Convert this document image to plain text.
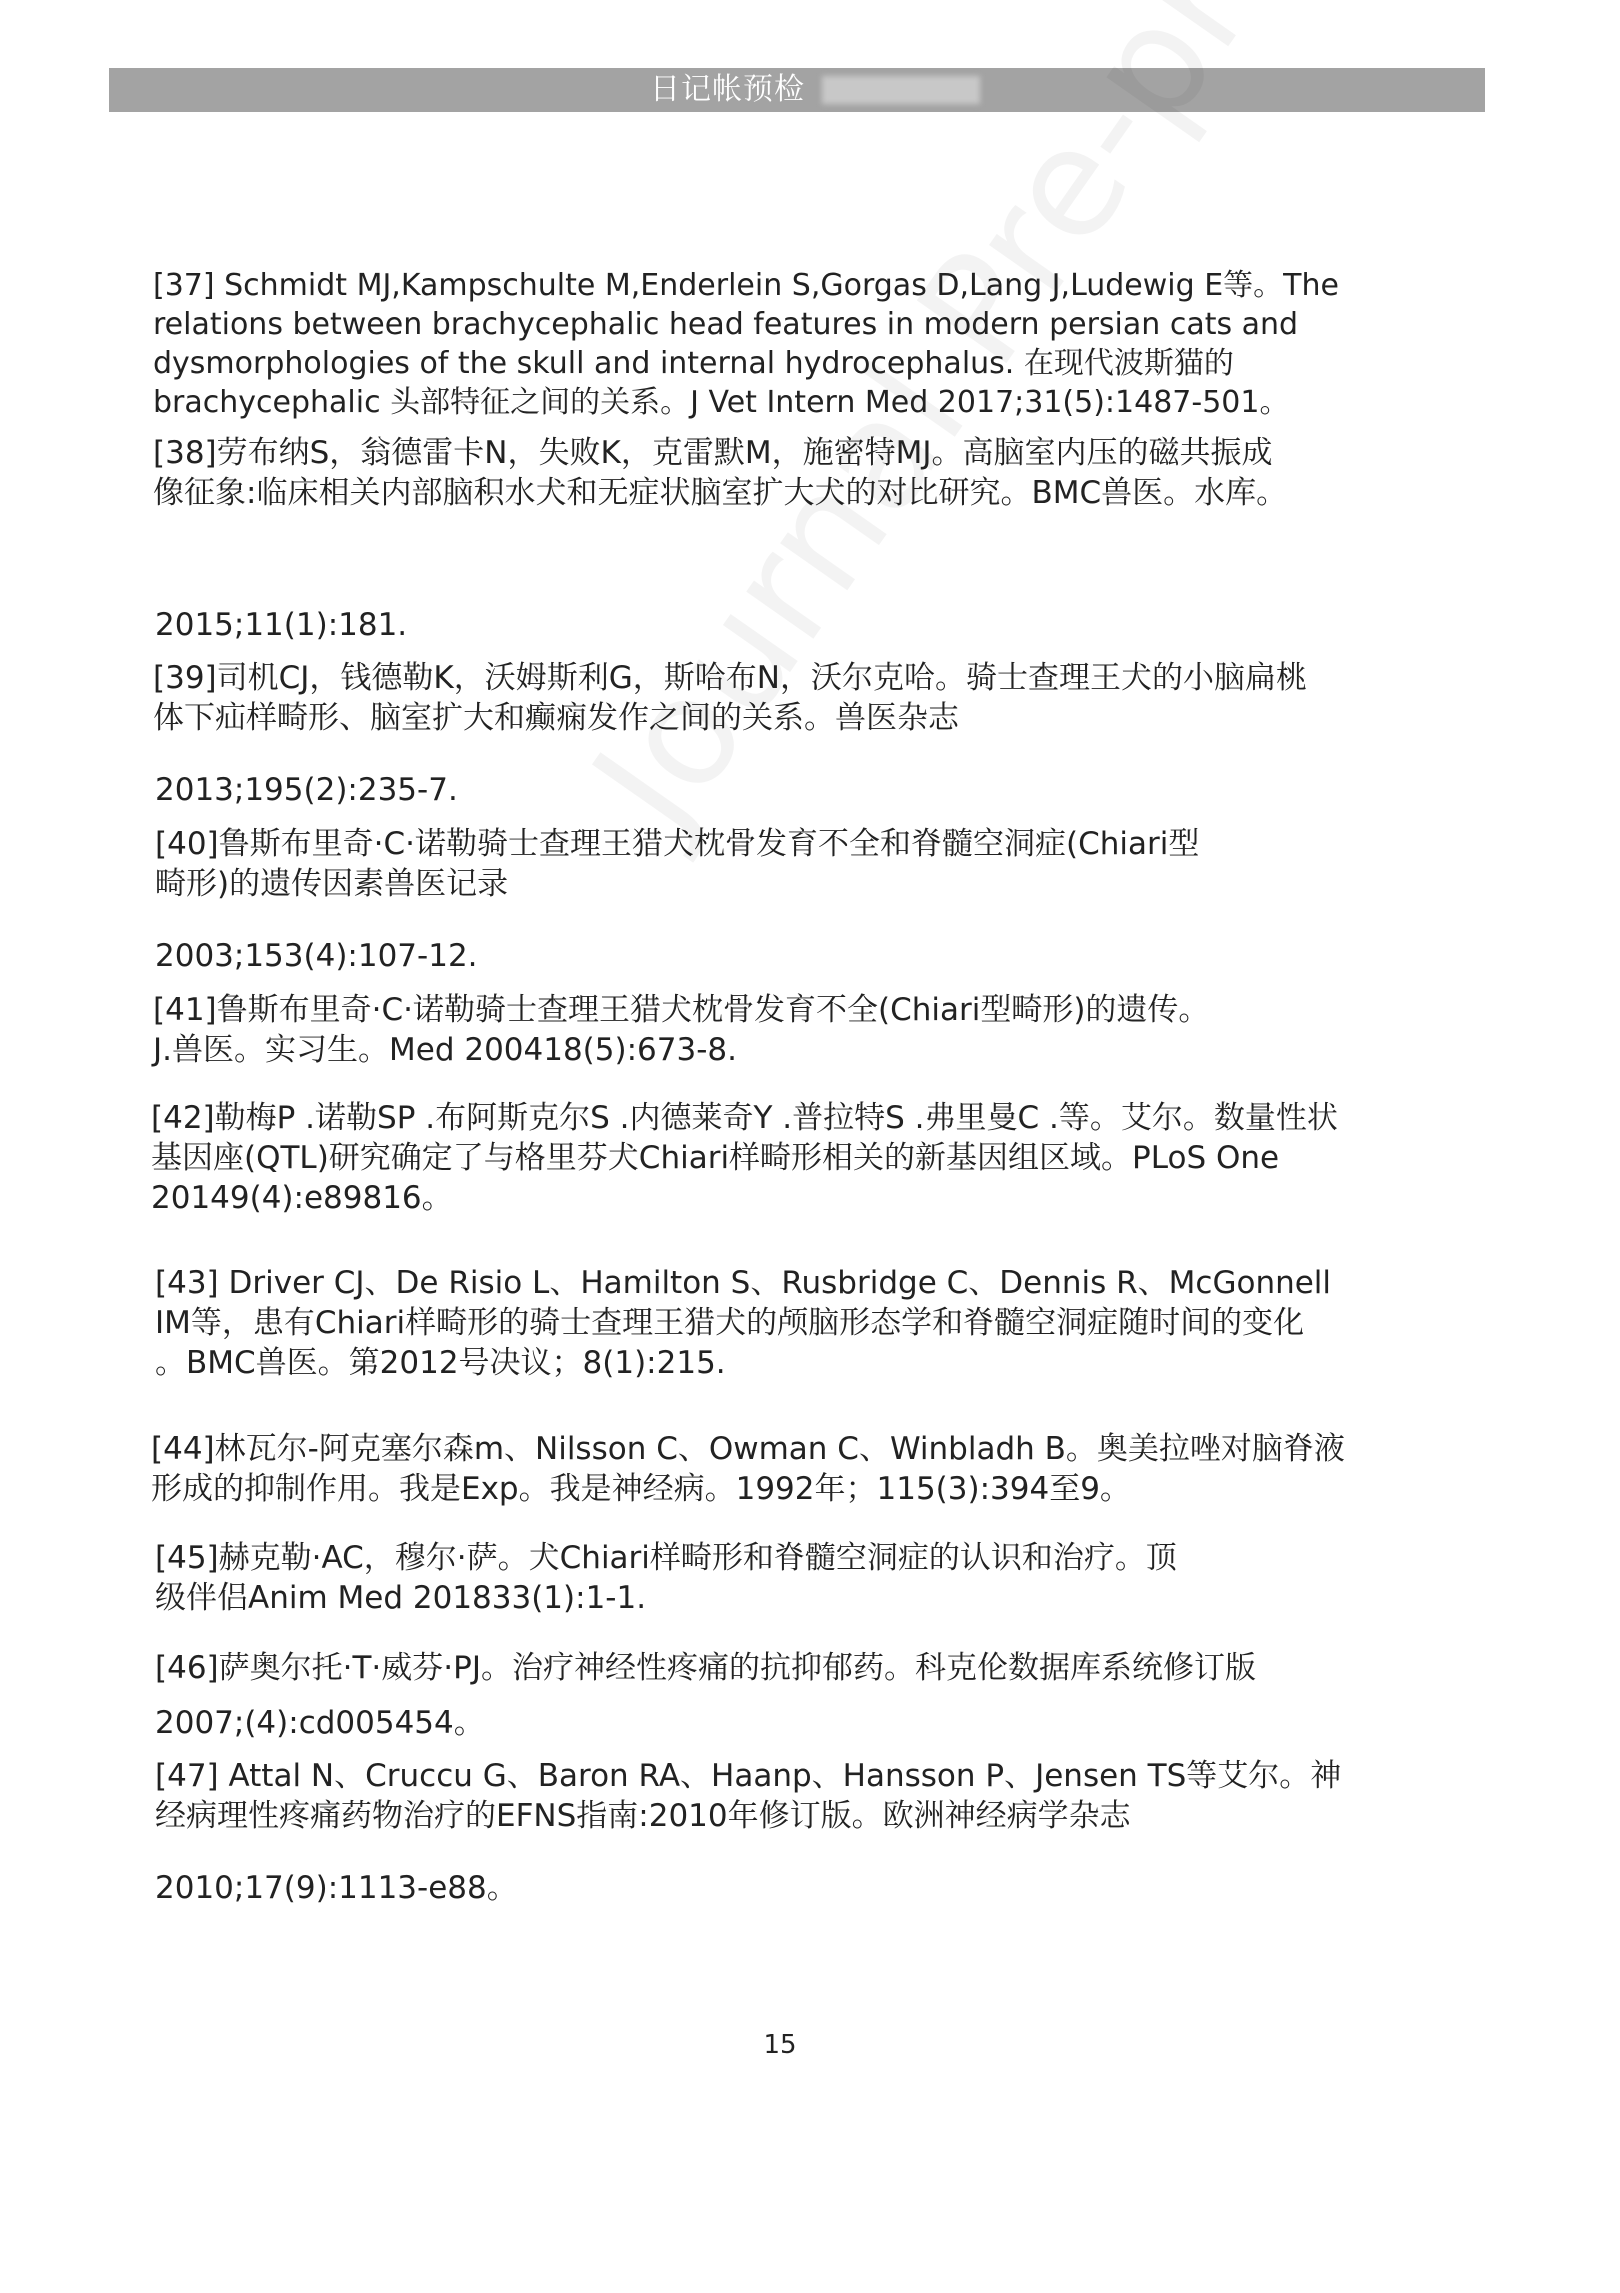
日记帐预检

[37] Schmidt MJ,Kampschulte M,Enderlein S,Gorgas D,Lang J,Ludewig E等。The
relations between brachycephalic head features in modern persian cats and
dysmorphologies of the skull and internal hydrocephalus. 在现代波斯猫的
brachycephalic 头部特征之间的关系。J Vet Intern Med 2017;31(5):1487-501。

[38]劳布纳S，翁德雷卡N，失败K，克雷默M，施密特MJ。高脑室内压的磁共振成
像征象:临床相关内部脑积水犬和无症状脑室扩大犬的对比研究。BMC兽医。水库。

2015;11(1):181.

[39]司机CJ，钱德勒K，沃姆斯利G，斯哈布N，沃尔克哈。骑士查理王犬的小脑扁桃
体下疝样畸形、脑室扩大和癫痫发作之间的关系。兽医杂志

2013;195(2):235-7.

[40]鲁斯布里奇·C·诺勒骑士查理王猎犬枕骨发育不全和脊髓空洞症(Chiari型
畸形)的遗传因素兽医记录

2003;153(4):107-12.

[41]鲁斯布里奇·C·诺勒骑士查理王猎犬枕骨发育不全(Chiari型畸形)的遗传。
J.兽医。实习生。Med 200418(5):673-8.

[42]勒梅P .诺勒SP .布阿斯克尔S .内德莱奇Y .普拉特S .弗里曼C .等。艾尔。数量性状
基因座(QTL)研究确定了与格里芬犬Chiari样畸形相关的新基因组区域。PLoS One
20149(4):e89816。

[43] Driver CJ、De Risio L、Hamilton S、Rusbridge C、Dennis R、McGonnell
IM等，患有Chiari样畸形的骑士查理王猎犬的颅脑形态学和脊髓空洞症随时间的变化
。BMC兽医。第2012号决议；8(1):215.

[44]林瓦尔-阿克塞尔森m、Nilsson C、Owman C、Winbladh B。奥美拉唑对脑脊液
形成的抑制作用。我是Exp。我是神经病。1992年；115(3):394至9。

[45]赫克勒·AC，穆尔·萨。犬Chiari样畸形和脊髓空洞症的认识和治疗。顶
级伴侣Anim Med 201833(1):1-1.

[46]萨奥尔托·T·威芬·PJ。治疗神经性疼痛的抗抑郁药。科克伦数据库系统修订版

2007;(4):cd005454。

[47] Attal N、Cruccu G、Baron RA、Haanp、Hansson P、Jensen TS等艾尔。神
经病理性疼痛药物治疗的EFNS指南:2010年修订版。欧洲神经病学杂志

2010;17(9):1113-e88。

15
